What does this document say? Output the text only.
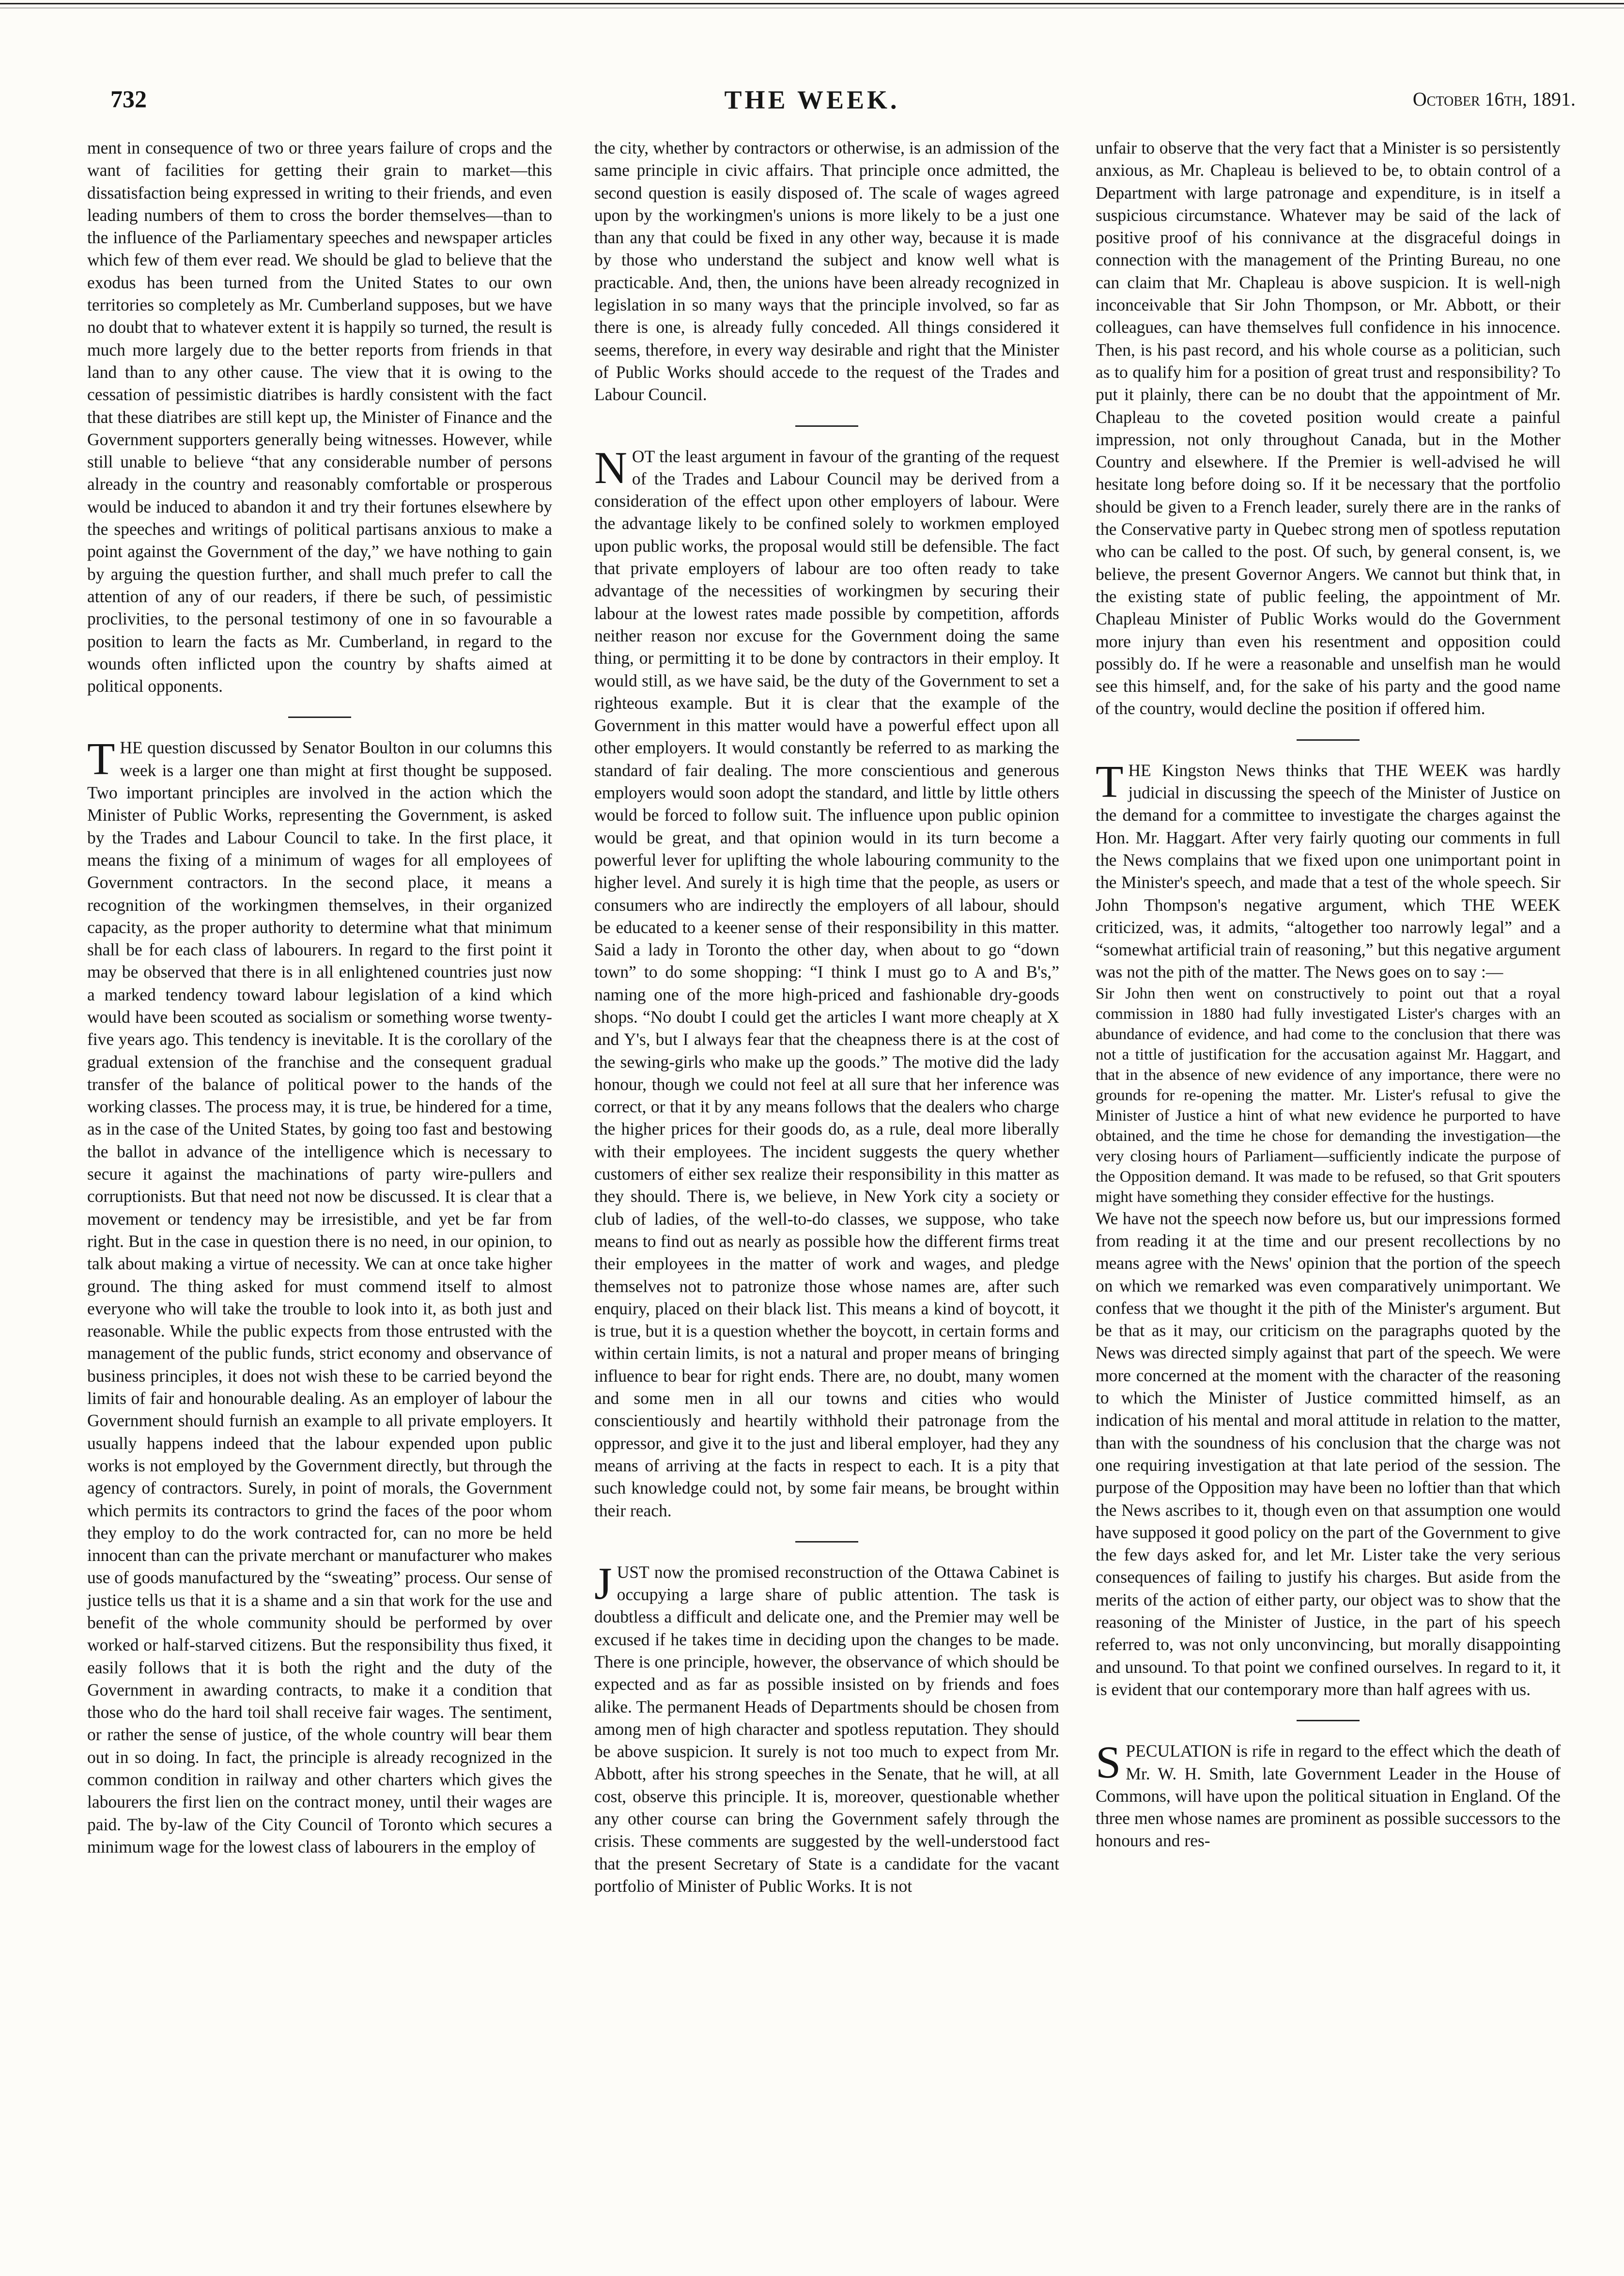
732	THE WEEK.	October 16th, 1891.

ment in consequence of two or three years failure of crops and the want of facilities for getting their grain to market—this dissatisfaction being expressed in writing to their friends, and even leading numbers of them to cross the border themselves—than to the influence of the Parliamentary speeches and newspaper articles which few of them ever read. We should be glad to believe that the exodus has been turned from the United States to our own territories so completely as Mr. Cumberland supposes, but we have no doubt that to whatever extent it is happily so turned, the result is much more largely due to the better reports from friends in that land than to any other cause. The view that it is owing to the cessation of pessimistic diatribes is hardly consistent with the fact that these diatribes are still kept up, the Minister of Finance and the Government supporters generally being witnesses. However, while still unable to believe “that any considerable number of persons already in the country and reasonably comfortable or prosperous would be induced to abandon it and try their fortunes elsewhere by the speeches and writings of political partisans anxious to make a point against the Government of the day,” we have nothing to gain by arguing the question further, and shall much prefer to call the attention of any of our readers, if there be such, of pessimistic proclivities, to the personal testimony of one in so favourable a position to learn the facts as Mr. Cumberland, in regard to the wounds often inflicted upon the country by shafts aimed at political opponents.

THE question discussed by Senator Boulton in our columns this week is a larger one than might at first thought be supposed. Two important principles are involved in the action which the Minister of Public Works, representing the Government, is asked by the Trades and Labour Council to take. In the first place, it means the fixing of a minimum of wages for all employees of Government contractors. In the second place, it means a recognition of the workingmen themselves, in their organized capacity, as the proper authority to determine what that minimum shall be for each class of labourers. In regard to the first point it may be observed that there is in all enlightened countries just now a marked tendency toward labour legislation of a kind which would have been scouted as socialism or something worse twenty-five years ago. This tendency is inevitable. It is the corollary of the gradual extension of the franchise and the consequent gradual transfer of the balance of political power to the hands of the working classes. The process may, it is true, be hindered for a time, as in the case of the United States, by going too fast and bestowing the ballot in advance of the intelligence which is necessary to secure it against the machinations of party wire-pullers and corruptionists. But that need not now be discussed. It is clear that a movement or tendency may be irresistible, and yet be far from right. But in the case in question there is no need, in our opinion, to talk about making a virtue of necessity. We can at once take higher ground. The thing asked for must commend itself to almost everyone who will take the trouble to look into it, as both just and reasonable. While the public expects from those entrusted with the management of the public funds, strict economy and observance of business principles, it does not wish these to be carried beyond the limits of fair and honourable dealing. As an employer of labour the Government should furnish an example to all private employers. It usually happens indeed that the labour expended upon public works is not employed by the Government directly, but through the agency of contractors. Surely, in point of morals, the Government which permits its contractors to grind the faces of the poor whom they employ to do the work contracted for, can no more be held innocent than can the private merchant or manufacturer who makes use of goods manufactured by the “sweating” process. Our sense of justice tells us that it is a shame and a sin that work for the use and benefit of the whole community should be performed by over worked or half-starved citizens. But the responsibility thus fixed, it easily follows that it is both the right and the duty of the Government in awarding contracts, to make it a condition that those who do the hard toil shall receive fair wages. The sentiment, or rather the sense of justice, of the whole country will bear them out in so doing. In fact, the principle is already recognized in the common condition in railway and other charters which gives the labourers the first lien on the contract money, until their wages are paid. The by-law of the City Council of Toronto which secures a minimum wage for the lowest class of labourers in the employ of

the city, whether by contractors or otherwise, is an admission of the same principle in civic affairs. That principle once admitted, the second question is easily disposed of. The scale of wages agreed upon by the workingmen's unions is more likely to be a just one than any that could be fixed in any other way, because it is made by those who understand the subject and know well what is practicable. And, then, the unions have been already recognized in legislation in so many ways that the principle involved, so far as there is one, is already fully conceded. All things considered it seems, therefore, in every way desirable and right that the Minister of Public Works should accede to the request of the Trades and Labour Council.

NOT the least argument in favour of the granting of the request of the Trades and Labour Council may be derived from a consideration of the effect upon other employers of labour. Were the advantage likely to be confined solely to workmen employed upon public works, the proposal would still be defensible. The fact that private employers of labour are too often ready to take advantage of the necessities of workingmen by securing their labour at the lowest rates made possible by competition, affords neither reason nor excuse for the Government doing the same thing, or permitting it to be done by contractors in their employ. It would still, as we have said, be the duty of the Government to set a righteous example. But it is clear that the example of the Government in this matter would have a powerful effect upon all other employers. It would constantly be referred to as marking the standard of fair dealing. The more conscientious and generous employers would soon adopt the standard, and little by little others would be forced to follow suit. The influence upon public opinion would be great, and that opinion would in its turn become a powerful lever for uplifting the whole labouring community to the higher level. And surely it is high time that the people, as users or consumers who are indirectly the employers of all labour, should be educated to a keener sense of their responsibility in this matter. Said a lady in Toronto the other day, when about to go “down town” to do some shopping: “I think I must go to A and B's,” naming one of the more high-priced and fashionable dry-goods shops. “No doubt I could get the articles I want more cheaply at X and Y's, but I always fear that the cheapness there is at the cost of the sewing-girls who make up the goods.” The motive did the lady honour, though we could not feel at all sure that her inference was correct, or that it by any means follows that the dealers who charge the higher prices for their goods do, as a rule, deal more liberally with their employees. The incident suggests the query whether customers of either sex realize their responsibility in this matter as they should. There is, we believe, in New York city a society or club of ladies, of the well-to-do classes, we suppose, who take means to find out as nearly as possible how the different firms treat their employees in the matter of work and wages, and pledge themselves not to patronize those whose names are, after such enquiry, placed on their black list. This means a kind of boycott, it is true, but it is a question whether the boycott, in certain forms and within certain limits, is not a natural and proper means of bringing influence to bear for right ends. There are, no doubt, many women and some men in all our towns and cities who would conscientiously and heartily withhold their patronage from the oppressor, and give it to the just and liberal employer, had they any means of arriving at the facts in respect to each. It is a pity that such knowledge could not, by some fair means, be brought within their reach.

JUST now the promised reconstruction of the Ottawa Cabinet is occupying a large share of public attention. The task is doubtless a difficult and delicate one, and the Premier may well be excused if he takes time in deciding upon the changes to be made. There is one principle, however, the observance of which should be expected and as far as possible insisted on by friends and foes alike. The permanent Heads of Departments should be chosen from among men of high character and spotless reputation. They should be above suspicion. It surely is not too much to expect from Mr. Abbott, after his strong speeches in the Senate, that he will, at all cost, observe this principle. It is, moreover, questionable whether any other course can bring the Government safely through the crisis. These comments are suggested by the well-understood fact that the present Secretary of State is a candidate for the vacant portfolio of Minister of Public Works. It is not

unfair to observe that the very fact that a Minister is so persistently anxious, as Mr. Chapleau is believed to be, to obtain control of a Department with large patronage and expenditure, is in itself a suspicious circumstance. Whatever may be said of the lack of positive proof of his connivance at the disgraceful doings in connection with the management of the Printing Bureau, no one can claim that Mr. Chapleau is above suspicion. It is well-nigh inconceivable that Sir John Thompson, or Mr. Abbott, or their colleagues, can have themselves full confidence in his innocence. Then, is his past record, and his whole course as a politician, such as to qualify him for a position of great trust and responsibility? To put it plainly, there can be no doubt that the appointment of Mr. Chapleau to the coveted position would create a painful impression, not only throughout Canada, but in the Mother Country and elsewhere. If the Premier is well-advised he will hesitate long before doing so. If it be necessary that the portfolio should be given to a French leader, surely there are in the ranks of the Conservative party in Quebec strong men of spotless reputation who can be called to the post. Of such, by general consent, is, we believe, the present Governor Angers. We cannot but think that, in the existing state of public feeling, the appointment of Mr. Chapleau Minister of Public Works would do the Government more injury than even his resentment and opposition could possibly do. If he were a reasonable and unselfish man he would see this himself, and, for the sake of his party and the good name of the country, would decline the position if offered him.

THE Kingston News thinks that THE WEEK was hardly judicial in discussing the speech of the Minister of Justice on the demand for a committee to investigate the charges against the Hon. Mr. Haggart. After very fairly quoting our comments in full the News complains that we fixed upon one unimportant point in the Minister's speech, and made that a test of the whole speech. Sir John Thompson's negative argument, which THE WEEK criticized, was, it admits, “altogether too narrowly legal” and a “somewhat artificial train of reasoning,” but this negative argument was not the pith of the matter. The News goes on to say :—

Sir John then went on constructively to point out that a royal commission in 1880 had fully investigated Lister's charges with an abundance of evidence, and had come to the conclusion that there was not a tittle of justification for the accusation against Mr. Haggart, and that in the absence of new evidence of any importance, there were no grounds for re-opening the matter. Mr. Lister's refusal to give the Minister of Justice a hint of what new evidence he purported to have obtained, and the time he chose for demanding the investigation—the very closing hours of Parliament—sufficiently indicate the purpose of the Opposition demand. It was made to be refused, so that Grit spouters might have something they consider effective for the hustings.

We have not the speech now before us, but our impressions formed from reading it at the time and our present recollections by no means agree with the News' opinion that the portion of the speech on which we remarked was even comparatively unimportant. We confess that we thought it the pith of the Minister's argument. But be that as it may, our criticism on the paragraphs quoted by the News was directed simply against that part of the speech. We were more concerned at the moment with the character of the reasoning to which the Minister of Justice committed himself, as an indication of his mental and moral attitude in relation to the matter, than with the soundness of his conclusion that the charge was not one requiring investigation at that late period of the session. The purpose of the Opposition may have been no loftier than that which the News ascribes to it, though even on that assumption one would have supposed it good policy on the part of the Government to give the few days asked for, and let Mr. Lister take the very serious consequences of failing to justify his charges. But aside from the merits of the action of either party, our object was to show that the reasoning of the Minister of Justice, in the part of his speech referred to, was not only unconvincing, but morally disappointing and unsound. To that point we confined ourselves. In regard to it, it is evident that our contemporary more than half agrees with us.

SPECULATION is rife in regard to the effect which the death of Mr. W. H. Smith, late Government Leader in the House of Commons, will have upon the political situation in England. Of the three men whose names are prominent as possible successors to the honours and res-
